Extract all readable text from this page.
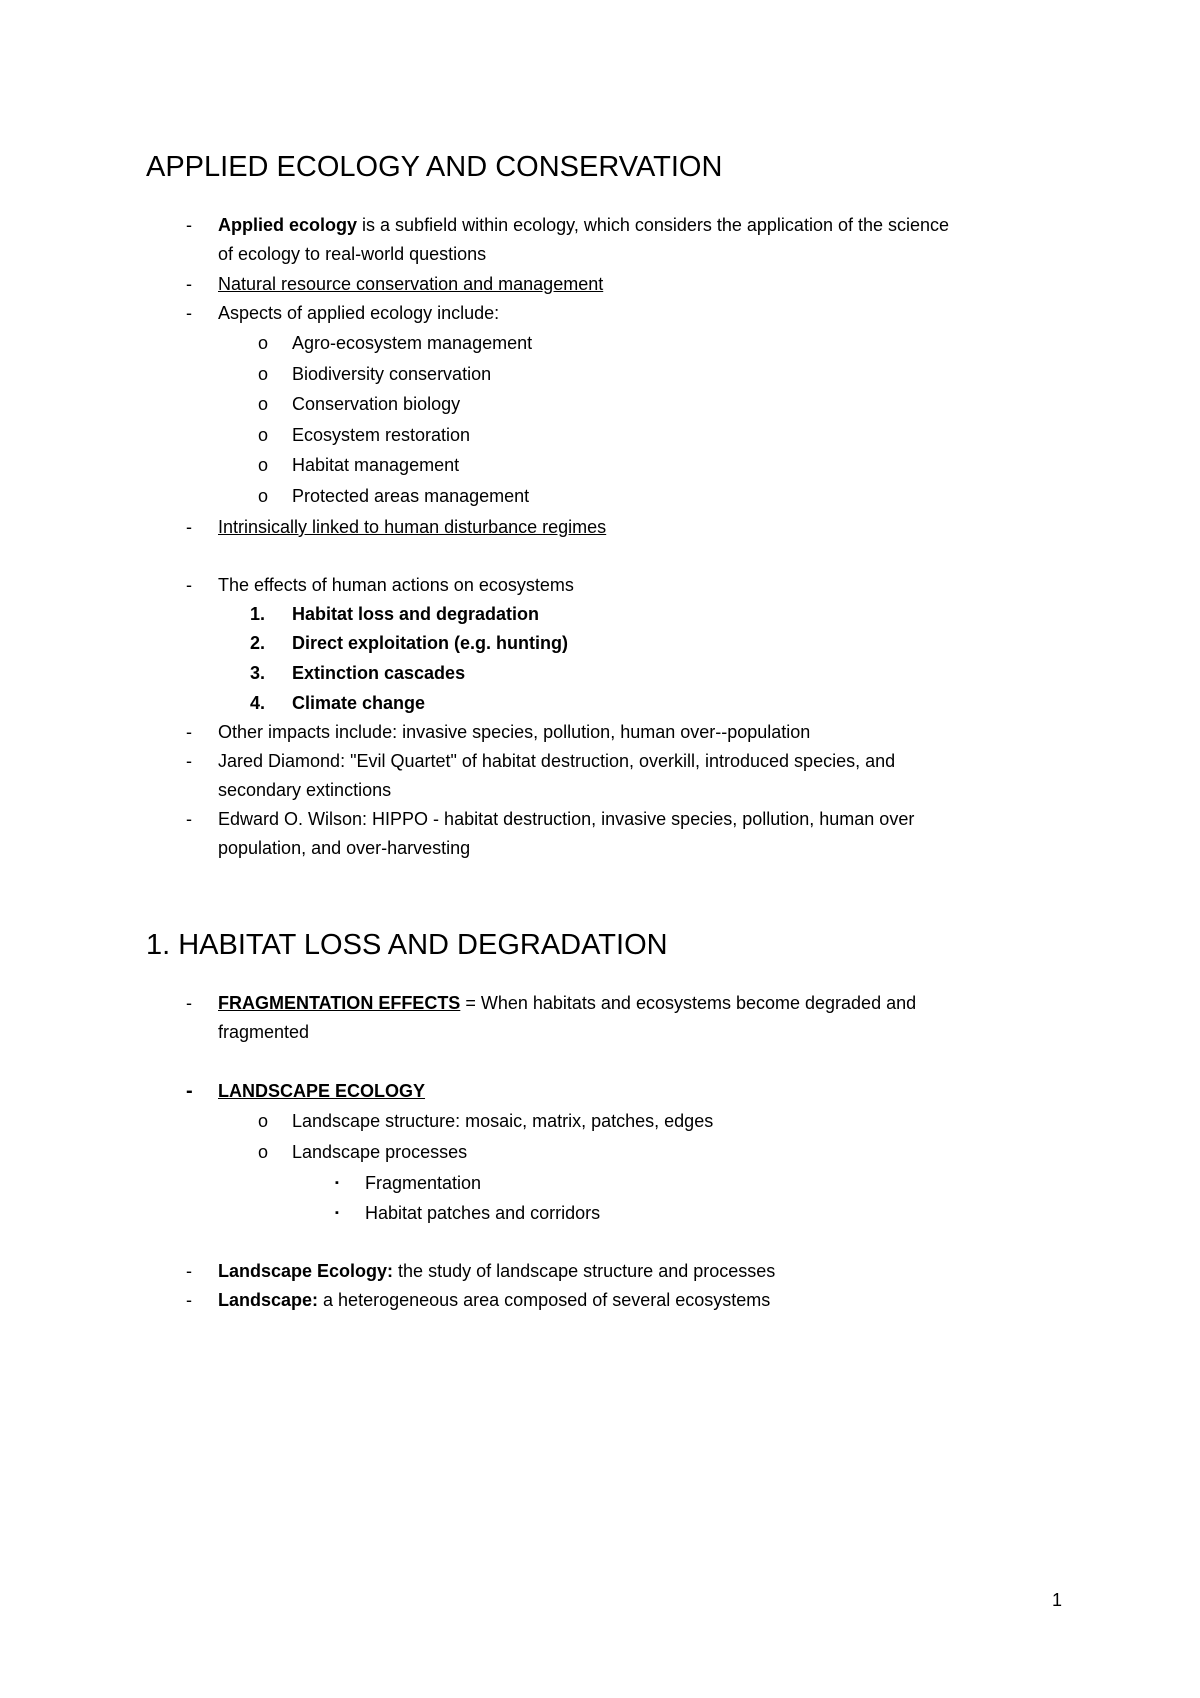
APPLIED ECOLOGY AND CONSERVATION
- Applied ecology is a subfield within ecology, which considers the application of the science
of ecology to real-world questions
- Natural resource conservation and management
- Aspects of applied ecology include:
o Agro-ecosystem management
o Biodiversity conservation
o Conservation biology
o Ecosystem restoration
o Habitat management
o Protected areas management
- Intrinsically linked to human disturbance regimes
- The effects of human actions on ecosystems
1. Habitat loss and degradation
2. Direct exploitation (e.g. hunting)
3. Extinction cascades
4. Climate change
- Other impacts include: invasive species, pollution, human over--population
- Jared Diamond: "Evil Quartet" of habitat destruction, overkill, introduced species, and
secondary extinctions
- Edward O. Wilson: HIPPO - habitat destruction, invasive species, pollution, human over
population, and over-harvesting
1. HABITAT LOSS AND DEGRADATION
- FRAGMENTATION EFFECTS = When habitats and ecosystems become degraded and
fragmented
- LANDSCAPE ECOLOGY
o Landscape structure: mosaic, matrix, patches, edges
o Landscape processes
▪ Fragmentation
▪ Habitat patches and corridors
- Landscape Ecology: the study of landscape structure and processes
- Landscape: a heterogeneous area composed of several ecosystems
1
